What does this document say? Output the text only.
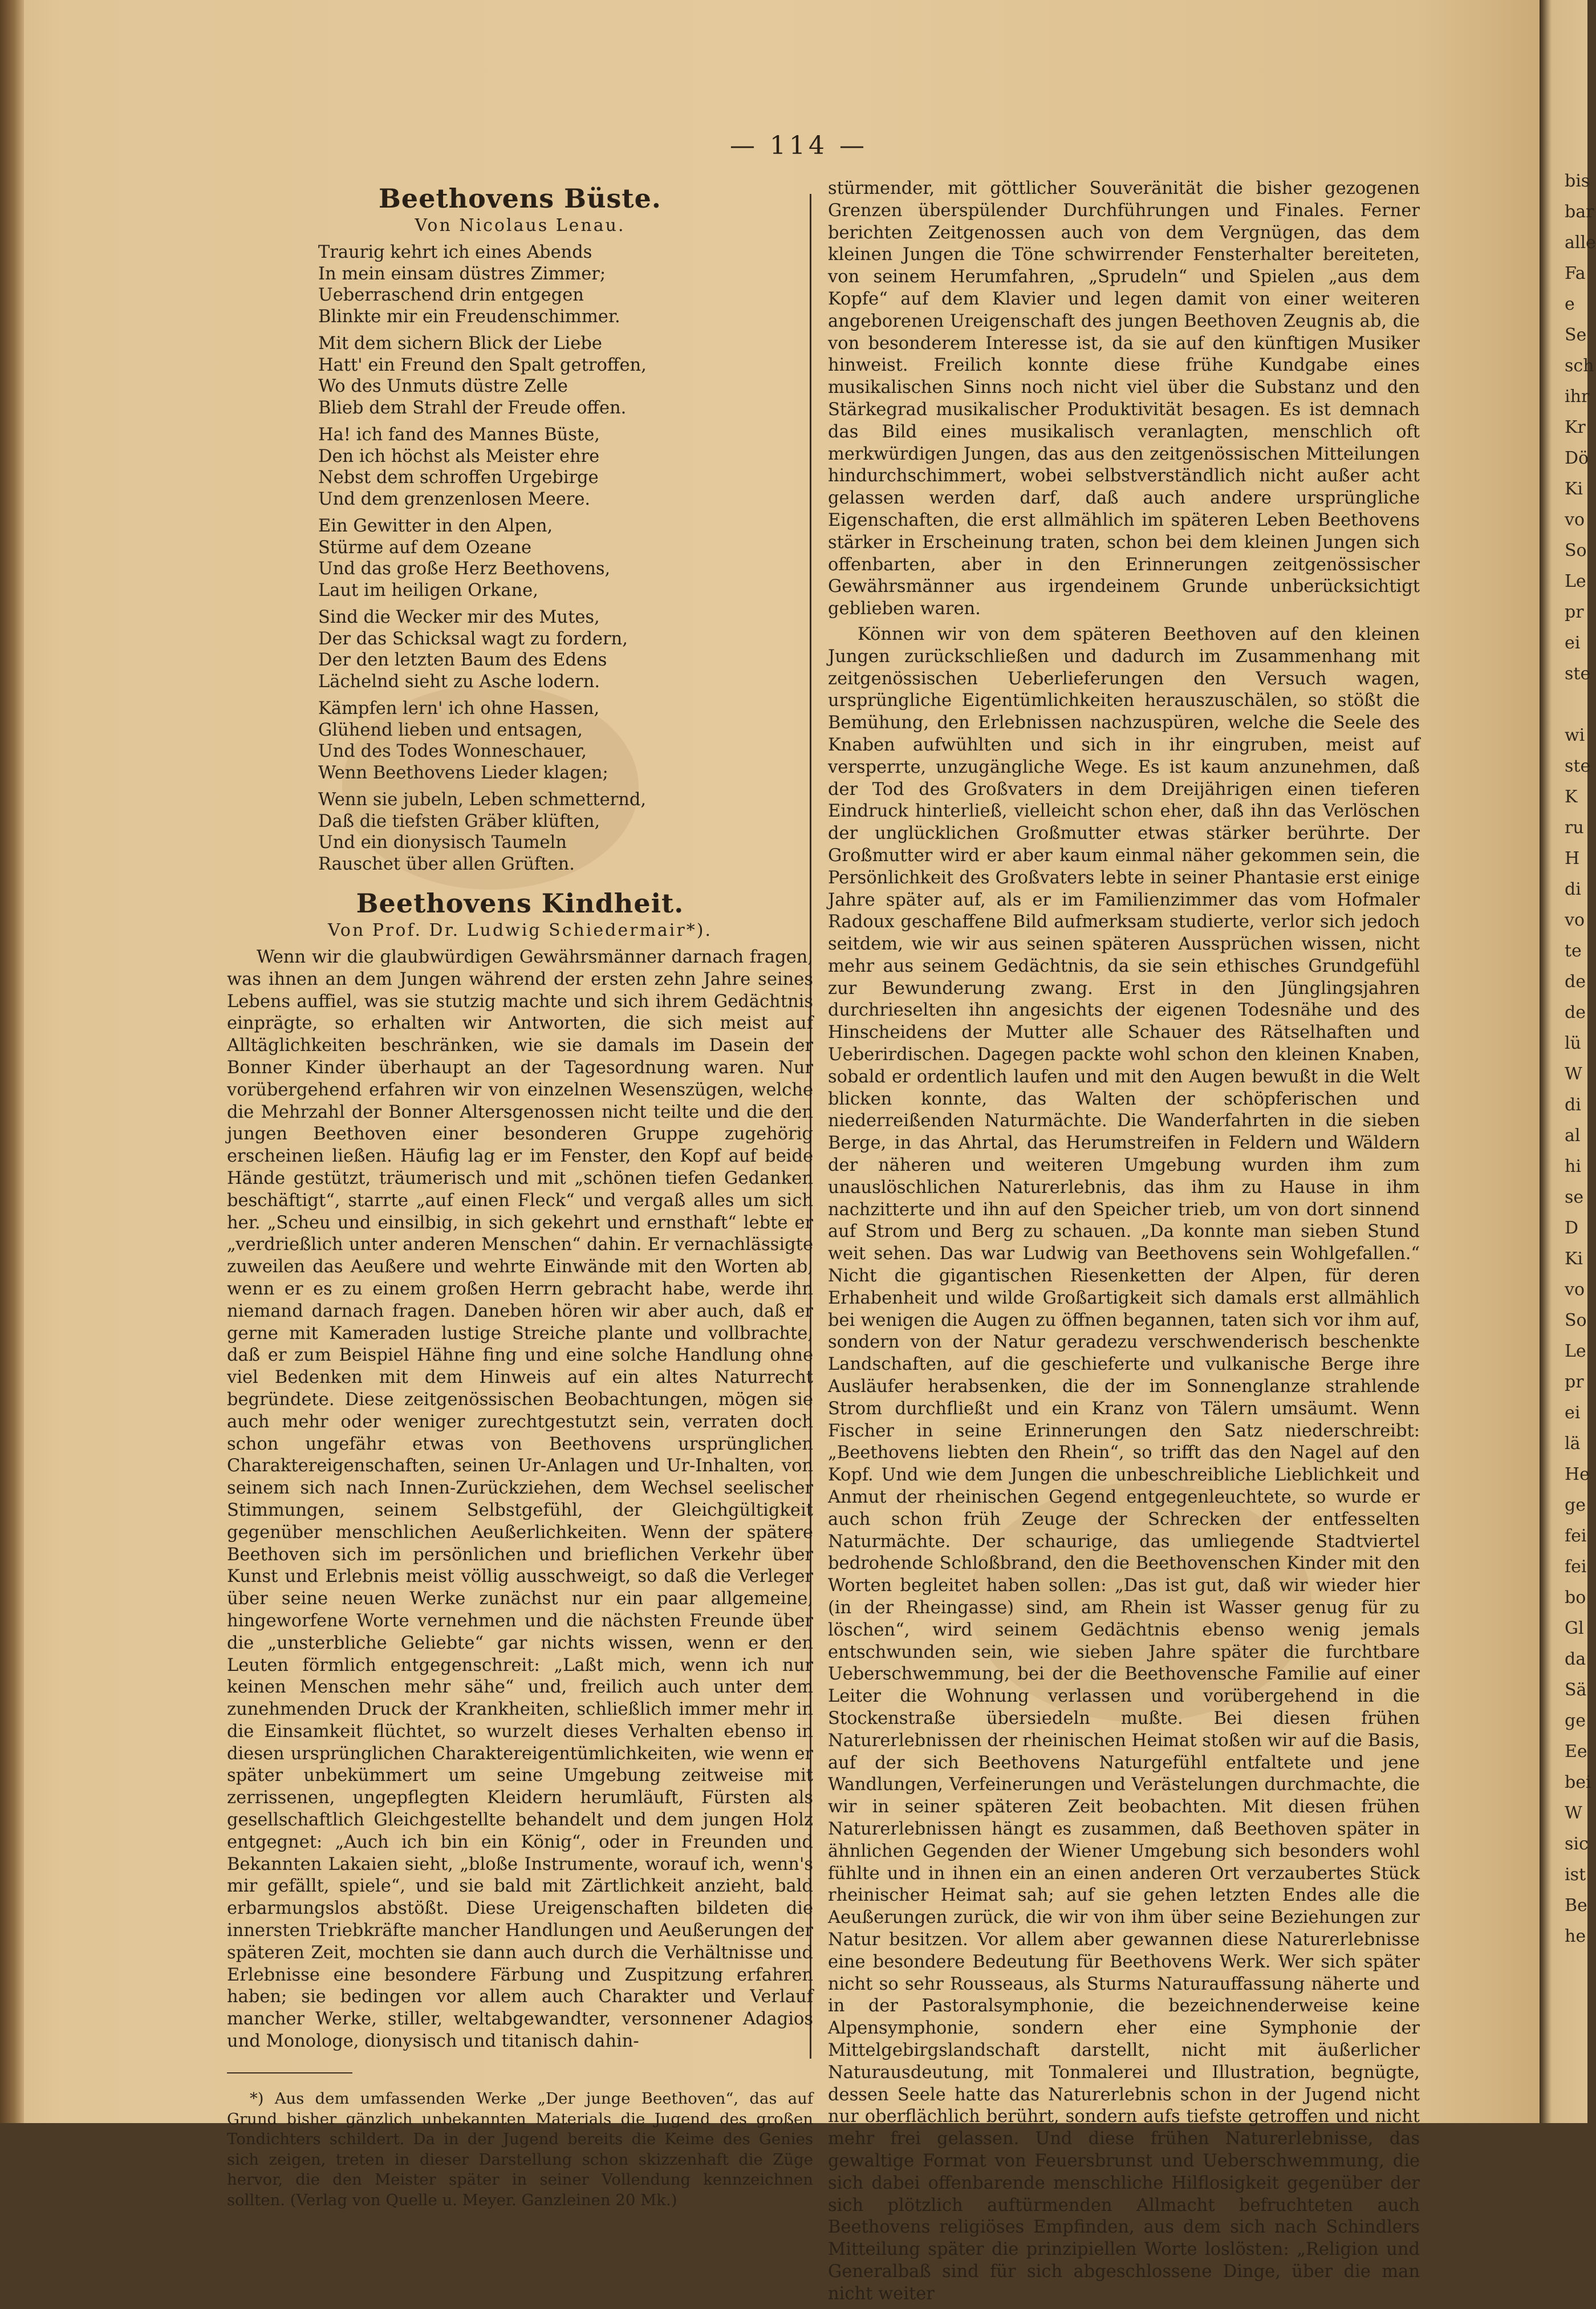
— 114 —
Beethovens Büste.
Von Nicolaus Lenau.
Traurig kehrt ich eines Abends
In mein einsam düstres Zimmer;
Ueberraschend drin entgegen
Blinkte mir ein Freudenschimmer.
Mit dem sichern Blick der Liebe
Hatt' ein Freund den Spalt getroffen,
Wo des Unmuts düstre Zelle
Blieb dem Strahl der Freude offen.
Ha! ich fand des Mannes Büste,
Den ich höchst als Meister ehre
Nebst dem schroffen Urgebirge
Und dem grenzenlosen Meere.
Ein Gewitter in den Alpen,
Stürme auf dem Ozeane
Und das große Herz Beethovens,
Laut im heiligen Orkane,
Sind die Wecker mir des Mutes,
Der das Schicksal wagt zu fordern,
Der den letzten Baum des Edens
Lächelnd sieht zu Asche lodern.
Kämpfen lern' ich ohne Hassen,
Glühend lieben und entsagen,
Und des Todes Wonneschauer,
Wenn Beethovens Lieder klagen;
Wenn sie jubeln, Leben schmetternd,
Daß die tiefsten Gräber klüften,
Und ein dionysisch Taumeln
Rauschet über allen Grüften.
Beethovens Kindheit.
Von Prof. Dr. Ludwig Schiedermair*).

Wenn wir die glaubwürdigen Gewährsmänner darnach fragen, was ihnen an dem Jungen während der ersten zehn Jahre seines Lebens auffiel, was sie stutzig machte und sich ihrem Gedächtnis einprägte, so erhalten wir Antworten, die sich meist auf Alltäglichkeiten beschränken, wie sie damals im Dasein der Bonner Kinder überhaupt an der Tagesordnung waren. Nur vorübergehend erfahren wir von einzelnen Wesenszügen, welche die Mehrzahl der Bonner Altersgenossen nicht teilte und die den jungen Beethoven einer besonderen Gruppe zugehörig erscheinen ließen. Häufig lag er im Fenster, den Kopf auf beide Hände gestützt, träumerisch und mit „schönen tiefen Gedanken beschäftigt“, starrte „auf einen Fleck“ und vergaß alles um sich her. „Scheu und einsilbig, in sich gekehrt und ernsthaft“ lebte er „verdrießlich unter anderen Menschen“ dahin. Er vernachlässigte zuweilen das Aeußere und wehrte Einwände mit den Worten ab, wenn er es zu einem großen Herrn gebracht habe, werde ihn niemand darnach fragen. Daneben hören wir aber auch, daß er gerne mit Kameraden lustige Streiche plante und vollbrachte, daß er zum Beispiel Hähne fing und eine solche Handlung ohne viel Bedenken mit dem Hinweis auf ein altes Naturrecht begründete. Diese zeitgenössischen Beobachtungen, mögen sie auch mehr oder weniger zurechtgestutzt sein, verraten doch schon ungefähr etwas von Beethovens ursprünglichen Charaktereigenschaften, seinen Ur-Anlagen und Ur-Inhalten, von seinem sich nach Innen-Zurückziehen, dem Wechsel seelischer Stimmungen, seinem Selbstgefühl, der Gleichgültigkeit gegenüber menschlichen Aeußerlichkeiten. Wenn der spätere Beethoven sich im persönlichen und brieflichen Verkehr über Kunst und Erlebnis meist völlig ausschweigt, so daß die Verleger über seine neuen Werke zunächst nur ein paar allgemeine, hingeworfene Worte vernehmen und die nächsten Freunde über die „unsterbliche Geliebte“ gar nichts wissen, wenn er den Leuten förmlich entgegenschreit: „Laßt mich, wenn ich nur keinen Menschen mehr sähe“ und, freilich auch unter dem zunehmenden Druck der Krankheiten, schließlich immer mehr in die Einsamkeit flüchtet, so wurzelt dieses Verhalten ebenso in diesen ursprünglichen Charaktereigentümlichkeiten, wie wenn er später unbekümmert um seine Umgebung zeitweise mit zerrissenen, ungepflegten Kleidern herumläuft, Fürsten als gesellschaftlich Gleichgestellte behandelt und dem jungen Holz entgegnet: „Auch ich bin ein König“, oder in Freunden und Bekannten Lakaien sieht, „bloße Instrumente, worauf ich, wenn's mir gefällt, spiele“, und sie bald mit Zärtlichkeit anzieht, bald erbarmungslos abstößt. Diese Ureigenschaften bildeten die innersten Triebkräfte mancher Handlungen und Aeußerungen der späteren Zeit, mochten sie dann auch durch die Verhältnisse und Erlebnisse eine besondere Färbung und Zuspitzung erfahren haben; sie bedingen vor allem auch Charakter und Verlauf mancher Werke, stiller, weltabgewandter, versonnener Adagios und Monologe, dionysisch und titanisch dahin-

*) Aus dem umfassenden Werke „Der junge Beethoven“, das auf Grund bisher gänzlich unbekannten Materials die Jugend des großen Tondichters schildert. Da in der Jugend bereits die Keime des Genies sich zeigen, treten in dieser Darstellung schon skizzenhaft die Züge hervor, die den Meister später in seiner Vollendung kennzeichnen sollten. (Verlag von Quelle u. Meyer. Ganzleinen 20 Mk.)

stürmender, mit göttlicher Souveränität die bisher gezogenen Grenzen überspülender Durchführungen und Finales. Ferner berichten Zeitgenossen auch von dem Vergnügen, das dem kleinen Jungen die Töne schwirrender Fensterhalter bereiteten, von seinem Herumfahren, „Sprudeln“ und Spielen „aus dem Kopfe“ auf dem Klavier und legen damit von einer weiteren angeborenen Ureigenschaft des jungen Beethoven Zeugnis ab, die von besonderem Interesse ist, da sie auf den künftigen Musiker hinweist. Freilich konnte diese frühe Kundgabe eines musikalischen Sinns noch nicht viel über die Substanz und den Stärkegrad musikalischer Produktivität besagen. Es ist demnach das Bild eines musikalisch veranlagten, menschlich oft merkwürdigen Jungen, das aus den zeitgenössischen Mitteilungen hindurchschimmert, wobei selbstverständlich nicht außer acht gelassen werden darf, daß auch andere ursprüngliche Eigenschaften, die erst allmählich im späteren Leben Beethovens stärker in Erscheinung traten, schon bei dem kleinen Jungen sich offenbarten, aber in den Erinnerungen zeitgenössischer Gewährsmänner aus irgendeinem Grunde unberücksichtigt geblieben waren.

Können wir von dem späteren Beethoven auf den kleinen Jungen zurückschließen und dadurch im Zusammenhang mit zeitgenössischen Ueberlieferungen den Versuch wagen, ursprüngliche Eigentümlichkeiten herauszuschälen, so stößt die Bemühung, den Erlebnissen nachzuspüren, welche die Seele des Knaben aufwühlten und sich in ihr eingruben, meist auf versperrte, unzugängliche Wege. Es ist kaum anzunehmen, daß der Tod des Großvaters in dem Dreijährigen einen tieferen Eindruck hinterließ, vielleicht schon eher, daß ihn das Verlöschen der unglücklichen Großmutter etwas stärker berührte. Der Großmutter wird er aber kaum einmal näher gekommen sein, die Persönlichkeit des Großvaters lebte in seiner Phantasie erst einige Jahre später auf, als er im Familienzimmer das vom Hofmaler Radoux geschaffene Bild aufmerksam studierte, verlor sich jedoch seitdem, wie wir aus seinen späteren Aussprüchen wissen, nicht mehr aus seinem Gedächtnis, da sie sein ethisches Grundgefühl zur Bewunderung zwang. Erst in den Jünglingsjahren durchrieselten ihn angesichts der eigenen Todesnähe und des Hinscheidens der Mutter alle Schauer des Rätselhaften und Ueberirdischen. Dagegen packte wohl schon den kleinen Knaben, sobald er ordentlich laufen und mit den Augen bewußt in die Welt blicken konnte, das Walten der schöpferischen und niederreißenden Naturmächte. Die Wanderfahrten in die sieben Berge, in das Ahrtal, das Herumstreifen in Feldern und Wäldern der näheren und weiteren Umgebung wurden ihm zum unauslöschlichen Naturerlebnis, das ihm zu Hause in ihm nachzitterte und ihn auf den Speicher trieb, um von dort sinnend auf Strom und Berg zu schauen. „Da konnte man sieben Stund weit sehen. Das war Ludwig van Beethovens sein Wohlgefallen.“ Nicht die gigantischen Riesenketten der Alpen, für deren Erhabenheit und wilde Großartigkeit sich damals erst allmählich bei wenigen die Augen zu öffnen begannen, taten sich vor ihm auf, sondern von der Natur geradezu verschwenderisch beschenkte Landschaften, auf die geschieferte und vulkanische Berge ihre Ausläufer herabsenken, die der im Sonnenglanze strahlende Strom durchfließt und ein Kranz von Tälern umsäumt. Wenn Fischer in seine Erinnerungen den Satz niederschreibt: „Beethovens liebten den Rhein“, so trifft das den Nagel auf den Kopf. Und wie dem Jungen die unbeschreibliche Lieblichkeit und Anmut der rheinischen Gegend entgegenleuchtete, so wurde er auch schon früh Zeuge der Schrecken der entfesselten Naturmächte. Der schaurige, das umliegende Stadtviertel bedrohende Schloßbrand, den die Beethovenschen Kinder mit den Worten begleitet haben sollen: „Das ist gut, daß wir wieder hier (in der Rheingasse) sind, am Rhein ist Wasser genug für zu löschen“, wird seinem Gedächtnis ebenso wenig jemals entschwunden sein, wie sieben Jahre später die furchtbare Ueberschwemmung, bei der die Beethovensche Familie auf einer Leiter die Wohnung verlassen und vorübergehend in die Stockenstraße übersiedeln mußte. Bei diesen frühen Naturerlebnissen der rheinischen Heimat stoßen wir auf die Basis, auf der sich Beethovens Naturgefühl entfaltete und jene Wandlungen, Verfeinerungen und Verästelungen durchmachte, die wir in seiner späteren Zeit beobachten. Mit diesen frühen Naturerlebnissen hängt es zusammen, daß Beethoven später in ähnlichen Gegenden der Wiener Umgebung sich besonders wohl fühlte und in ihnen ein an einen anderen Ort verzaubertes Stück rheinischer Heimat sah; auf sie gehen letzten Endes alle die Aeußerungen zurück, die wir von ihm über seine Beziehungen zur Natur besitzen. Vor allem aber gewannen diese Naturerlebnisse eine besondere Bedeutung für Beethovens Werk. Wer sich später nicht so sehr Rousseaus, als Sturms Naturauffassung näherte und in der Pastoralsymphonie, die bezeichnenderweise keine Alpensymphonie, sondern eher eine Symphonie der Mittelgebirgslandschaft darstellt, nicht mit äußerlicher Naturausdeutung, mit Tonmalerei und Illustration, begnügte, dessen Seele hatte das Naturerlebnis schon in der Jugend nicht nur oberflächlich berührt, sondern aufs tiefste getroffen und nicht mehr frei gelassen. Und diese frühen Naturerlebnisse, das gewaltige Format von Feuersbrunst und Ueberschwemmung, die sich dabei offenbarende menschliche Hilflosigkeit gegenüber der sich plötzlich auftürmenden Allmacht befruchteten auch Beethovens religiöses Empfinden, aus dem sich nach Schindlers Mitteilung später die prinzipiellen Worte loslösten: „Religion und Generalbaß sind für sich abgeschlossene Dinge, über die man nicht weiter

bis
bar
alle
Fa
e
Se
sch
ihr
Kr
Dö
Ki
vo
So
Le
pr
ei
ste
wi
ste
K
ru
H
di
vo
te
de
de
lü
W
di
al
hi
se
D
Ki
vo
So
Le
pr
ei
lä
He
ge
fei
fei
bo
Gl
da
Sä
ge
Ee
bei
W
sic
ist
Be
he
